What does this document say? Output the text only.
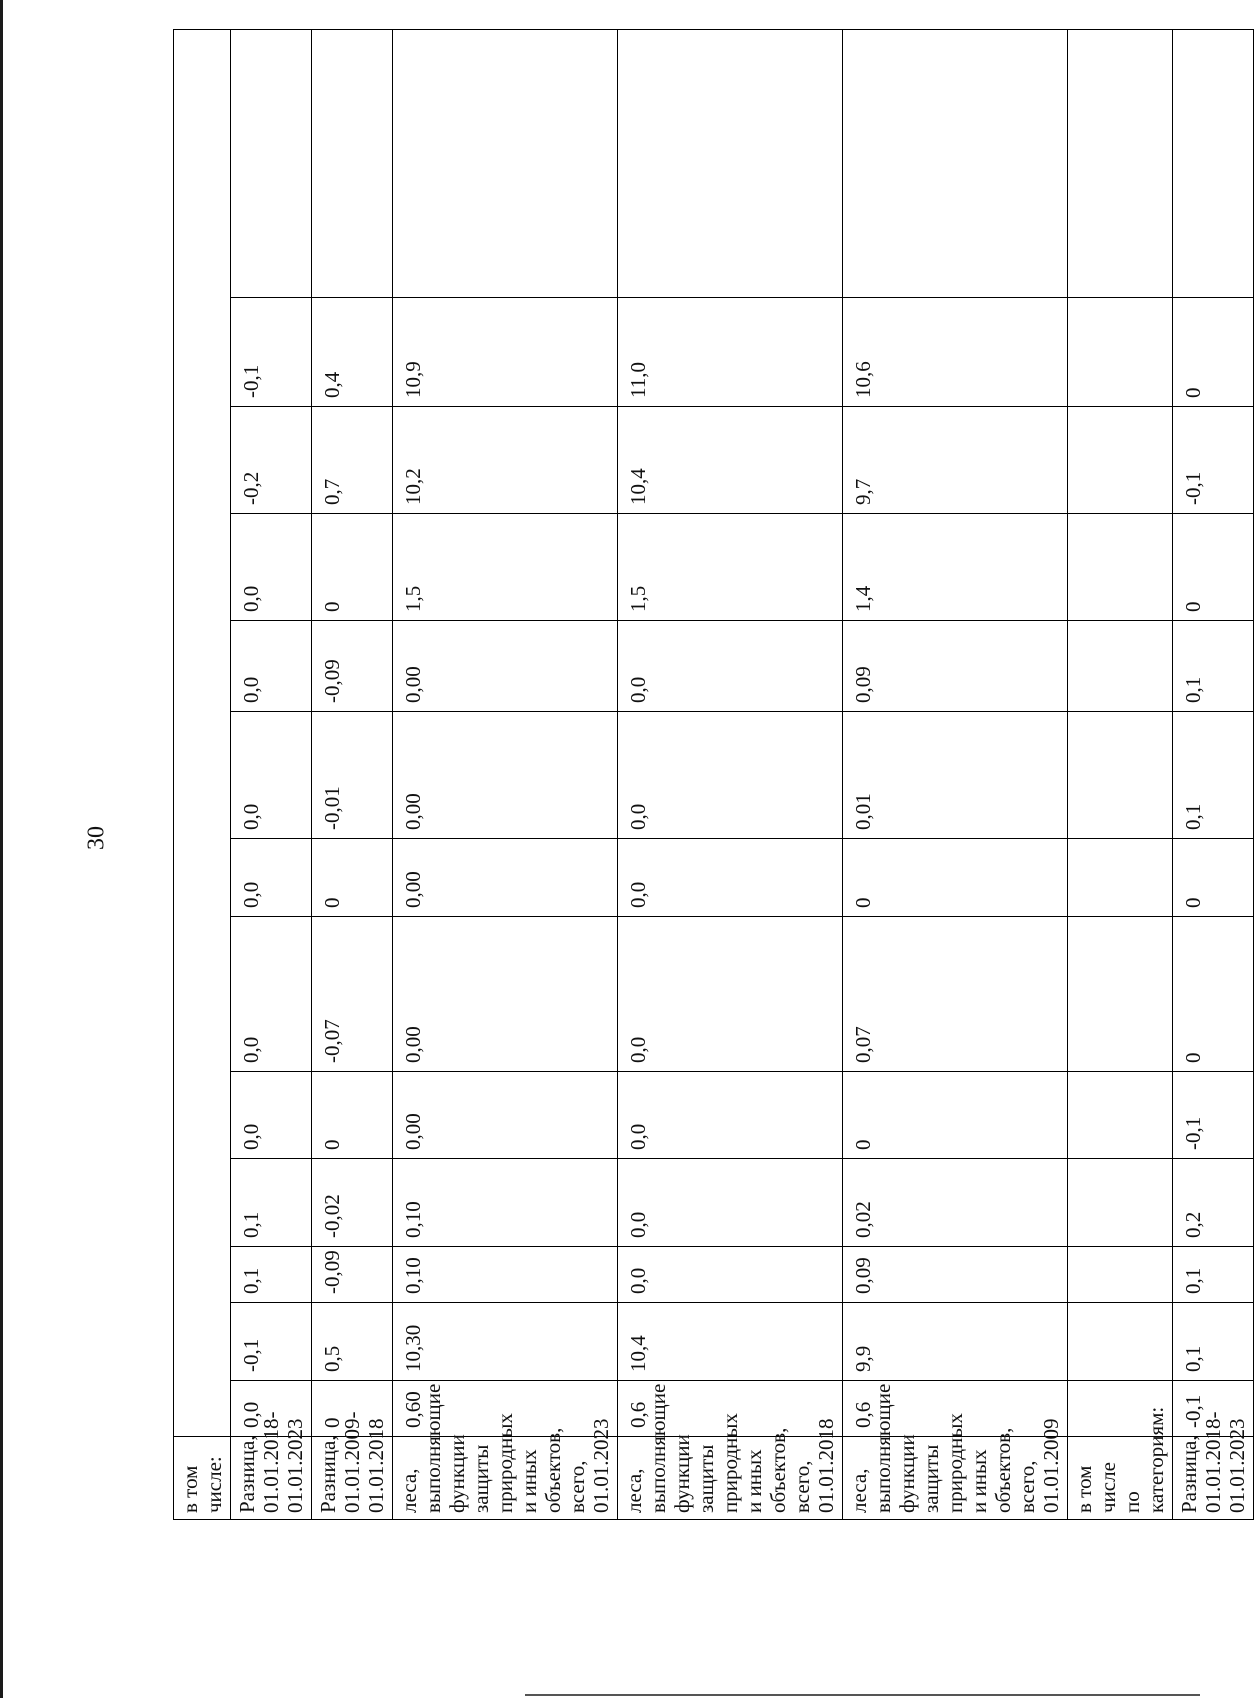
30
в том числе:													
Разница, 01.01.2018-01.01.2023	0,0	-0,1	0,1	0,1	0,0	0,0	0,0	0,0	0,0	0,0	-0,2	-0,1	
Разница, 01.01.2009-01.01.2018	0	0,5	-0,09	-0,02	0	-0,07	0	-0,01	-0,09	0	0,7	0,4	
леса, выполняющие функции защиты природных и иных объектов, всего, 01.01.2023	0,60	10,30	0,10	0,10	0,00	0,00	0,00	0,00	0,00	1,5	10,2	10,9	
леса, выполняющие функции защиты природных и иных объектов, всего, 01.01.2018	0,6	10,4	0,0	0,0	0,0	0,0	0,0	0,0	0,0	1,5	10,4	11,0	
леса, выполняющие функции защиты природных и иных объектов, всего, 01.01.2009	0,6	9,9	0,09	0,02	0	0,07	0	0,01	0,09	1,4	9,7	10,6	
в том числе по категориям:													
Разница, 01.01.2018-01.01.2023	-0,1	0,1	0,1	0,2	-0,1	0	0	0,1	0,1	0	-0,1	0	
